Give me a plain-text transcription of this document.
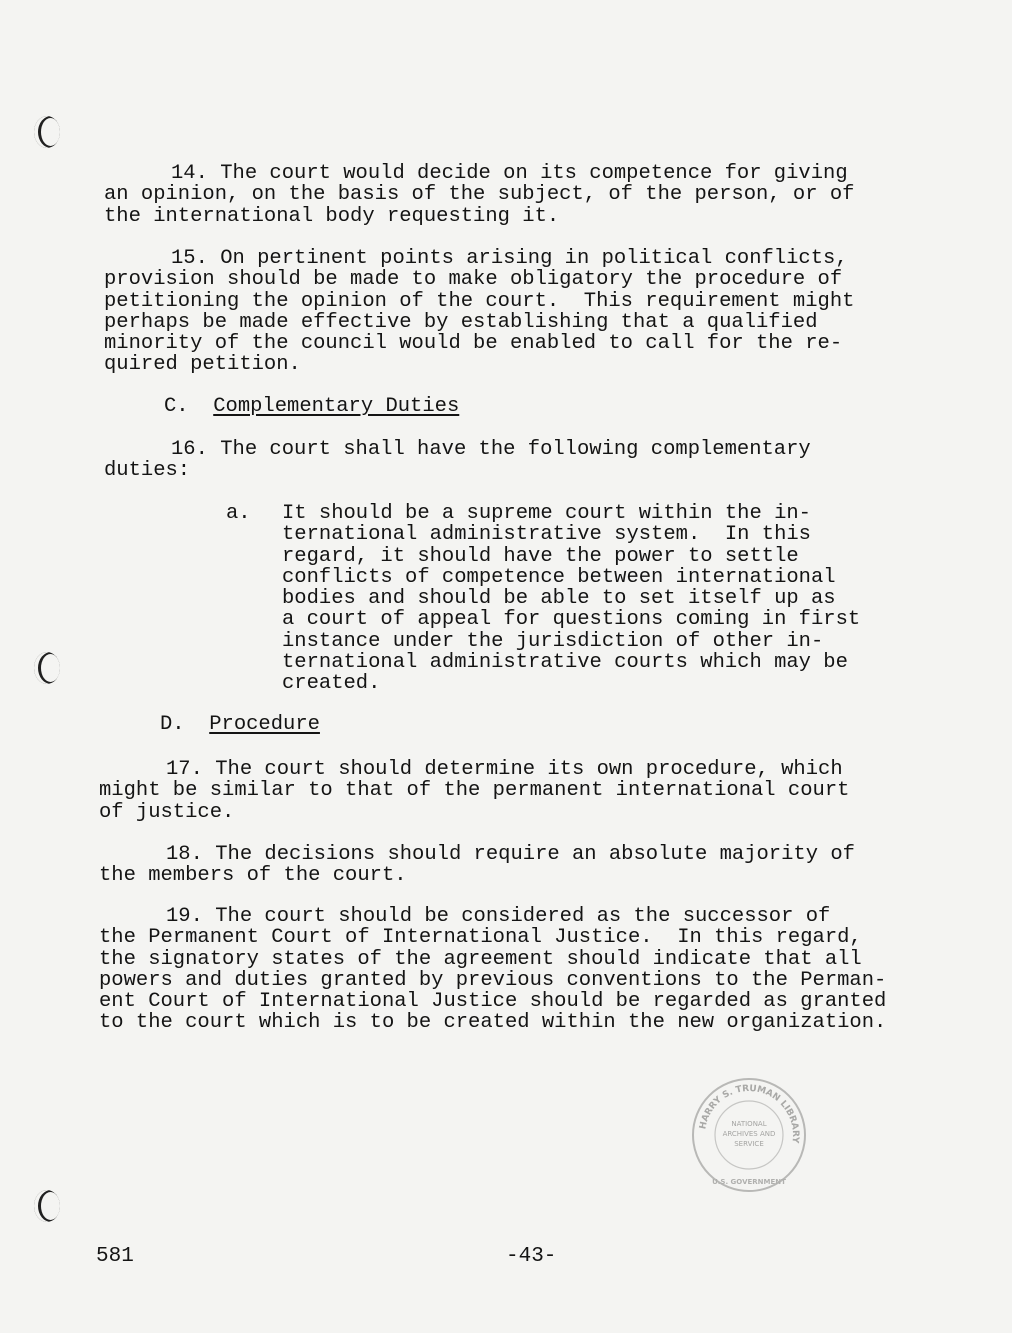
14. The court would decide on its competence for giving
an opinion, on the basis of the subject, of the person, or of
the international body requesting it.
15. On pertinent points arising in political conflicts,
provision should be made to make obligatory the procedure of
petitioning the opinion of the court.  This requirement might
perhaps be made effective by establishing that a qualified
minority of the council would be enabled to call for the re-
quired petition.
C. Complementary Duties
16. The court shall have the following complementary
duties:
a. It should be a supreme court within the in-
ternational administrative system.  In this
regard, it should have the power to settle
conflicts of competence between international
bodies and should be able to set itself up as
a court of appeal for questions coming in first
instance under the jurisdiction of other in-
ternational administrative courts which may be
created.
D. Procedure
17. The court should determine its own procedure, which
might be similar to that of the permanent international court
of justice.
18. The decisions should require an absolute majority of
the members of the court.
19. The court should be considered as the successor of
the Permanent Court of International Justice.  In this regard,
the signatory states of the agreement should indicate that all
powers and duties granted by previous conventions to the Perman-
ent Court of International Justice should be regarded as granted
to the court which is to be created within the new organization.
HARRY S. TRUMAN LIBRARY
NATIONAL
ARCHIVES AND
SERVICE
U.S. GOVERNMENT
581	-43-
